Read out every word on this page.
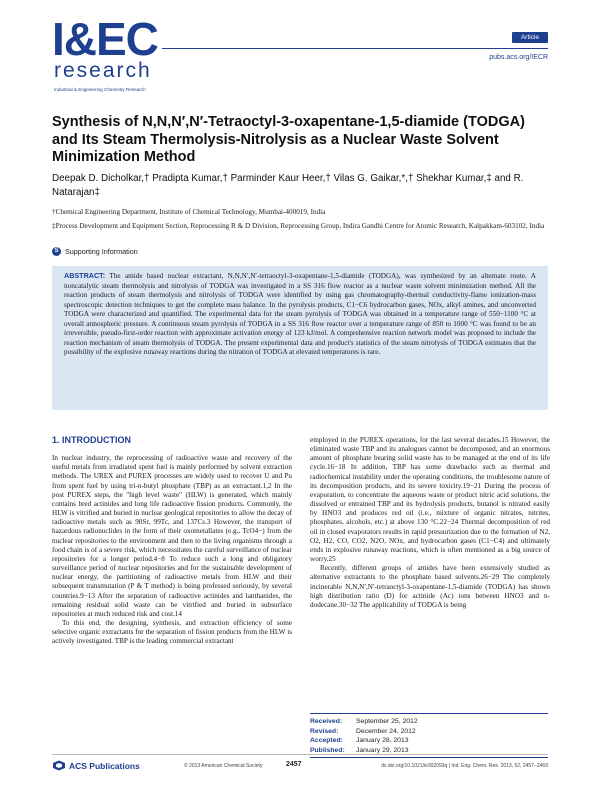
I&EC
research
Industrial & Engineering Chemistry Research
Article
pubs.acs.org/IECR
Synthesis of N,N,N′,N′-Tetraoctyl-3-oxapentane-1,5-diamide (TODGA) and Its Steam Thermolysis-Nitrolysis as a Nuclear Waste Solvent Minimization Method
Deepak D. Dicholkar,† Pradipta Kumar,† Parminder Kaur Heer,† Vilas G. Gaikar,*,† Shekhar Kumar,‡ and R. Natarajan‡
†Chemical Engineering Department, Institute of Chemical Technology, Mumbai-400019, India
‡Process Development and Equipment Section, Reprocessing R & D Division, Reprocessing Group, Indira Gandhi Centre for Atomic Research, Kalpakkam-603102, India
S Supporting Information

ABSTRACT: The amide based nuclear extractant, N,N,N′,N′-tetraoctyl-3-oxapentane-1,5-diamide (TODGA), was synthesized by an alternate route. A noncatalytic steam thermolysis and nitrolysis of TODGA was investigated in a SS 316 flow reactor as a nuclear waste solvent minimization method. All the reaction products of steam thermolysis and nitrolysis of TODGA were identified by using gas chromatography-thermal conductivity-flame ionization-mass spectroscopic detection techniques to get the complete mass balance. In the pyrolysis products, C1−C6 hydrocarbon gases, NOx, alkyl amines, and unconverted TODGA were characterized and quantified. The experimental data for the steam pyrolysis of TODGA was obtained in a temperature range of 550−1100 °C at overall atmospheric pressure. A continuous steam pyrolysis of TODGA in a SS 316 flow reactor over a temperature range of 850 to 1000 °C was found to be an irreversible, pseudo-first-order reaction with approximate activation energy of 123 kJ/mol. A comprehensive reaction network model was proposed to include the reaction mechanism of steam thermolysis of TODGA. The present experimental data and product's statistics of the steam nitrolysis of TODGA estimates that the possibility of the explosive runaway reactions during the nitration of TODGA at elevated temperatures is rare.

1. INTRODUCTION

In nuclear industry, the reprocessing of radioactive waste and recovery of the useful metals from irradiated spent fuel is mainly performed by solvent extraction methods. The UREX and PUREX processes are widely used to recover U and Pu from spent fuel by using tri-n-butyl phosphate (TBP) as an extractant.1,2 In the post PUREX steps, the "high level waste" (HLW) is generated, which mainly contains bred actinides and long life radioactive fission products. Commonly, the HLW is vitrified and buried in nuclear geological repositories to allow the decay of radioactive metals such as 90Sr, 99Tc, and 137Cs.3 However, the transport of hazardous radionuclides in the form of their oxometallates (e.g., TcO4−) from the nuclear repositories to the environment and then to the living organisms through a food chain is of a severe risk, which necessitates the careful surveillance of nuclear repositories for a longer period.4−8 To reduce such a long and obligatory surveillance period of nuclear repositories and for the sustainable development of nuclear energy, the partitioning of radioactive metals from HLW and their subsequent transmutation (P & T method) is being professed seriously, by several countries.9−13 After the separation of radioactive actinides and lanthanides, the remaining residual solid waste can be vitrified and buried in subsurface repositories at much reduced risk and cost.14

To this end, the designing, synthesis, and extraction efficiency of some selective organic extractants for the separation of fission products from the HLW is actively investigated. TBP is the leading commercial extractant

employed in the PUREX operations, for the last several decades.15 However, the eliminated waste TBP and its analogues cannot be decomposed, and an enormous amount of phosphate bearing solid waste has to be managed at the end of its life cycle.16−18 In addition, TBP has some drawbacks such as thermal and radiochemical instability under the operating conditions, the troublesome nature of its decomposition products, and its severe toxicity.19−21 During the process of evaporation, to concentrate the aqueous waste or product nitric acid solutions, the dissolved or entrained TBP and its hydrolysis products, butanol is nitrated easily by HNO3 and produces red oil (i.e., mixture of organic nitrates, nitrites, phosphates, alcohols, etc.) at above 130 °C.22−24 Thermal decomposition of red oil in closed evaporators results in rapid pressurization due to the formation of N2, O2, H2, CO, CO2, N2O, NOx, and hydrocarbon gases (C1−C4) and ultimately ends in explosive runaway reactions, which is often mentioned as a big source of worry.25

Recently, different groups of amides have been extensively studied as alternative extractants to the phosphate based solvents.26−29 The completely incinerable N,N,N′,N′-tetraoctyl-3-oxapentane-1,5-diamide (TODGA) has shown high distribution ratio (D) for actinide (Ac) ions between HNO3 and n-dodecane.30−32 The applicability of TODGA is being

Received:	September 25, 2012
Revised:	December 24, 2012
Accepted:	January 28, 2013
Published:	January 29, 2013
ACS Publications	© 2013 American Chemical Society	2457	dx.doi.org/10.1021/ie302093q | Ind. Eng. Chem. Res. 2013, 52, 2457−2469
